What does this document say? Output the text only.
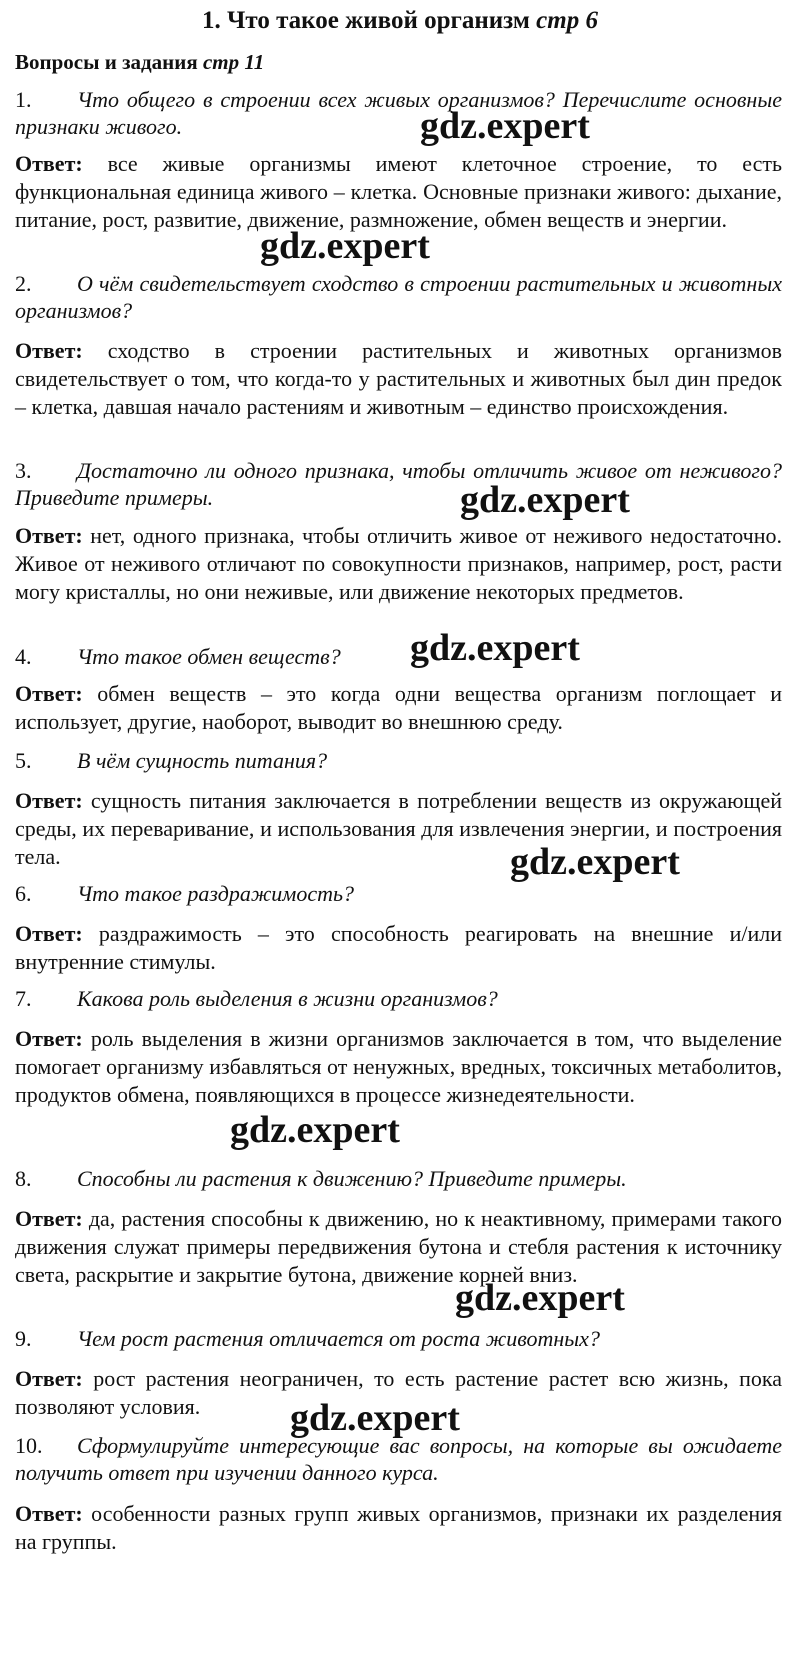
1. Что такое живой организм стр 6
Вопросы и задания стр 11
1. Что общего в строении всех живых организмов? Перечислите основные признаки живого.
Ответ: все живые организмы имеют клеточное строение, то есть функциональная единица живого – клетка. Основные признаки живого: дыхание, питание, рост, развитие, движение, размножение, обмен веществ и энергии.
2. О чём свидетельствует сходство в строении растительных и животных организмов?
Ответ: сходство в строении растительных и животных организмов свидетельствует о том, что когда-то у растительных и животных был дин предок – клетка, давшая начало растениям и животным – единство происхождения.
3. Достаточно ли одного признака, чтобы отличить живое от неживого? Приведите примеры.
Ответ: нет, одного признака, чтобы отличить живое от неживого недостаточно. Живое от неживого отличают по совокупности признаков, например, рост, расти могу кристаллы, но они неживые, или движение некоторых предметов.
4. Что такое обмен веществ?
Ответ: обмен веществ – это когда одни вещества организм поглощает и использует, другие, наоборот, выводит во внешнюю среду.
5. В чём сущность питания?
Ответ: сущность питания заключается в потреблении веществ из окружающей среды, их переваривание, и использования для извлечения энергии, и построения тела.
6. Что такое раздражимость?
Ответ: раздражимость – это способность реагировать на внешние и/или внутренние стимулы.
7. Какова роль выделения в жизни организмов?
Ответ: роль выделения в жизни организмов заключается в том, что выделение помогает организму избавляться от ненужных, вредных, токсичных метаболитов, продуктов обмена, появляющихся в процессе жизнедеятельности.
8. Способны ли растения к движению? Приведите примеры.
Ответ: да, растения способны к движению, но к неактивному, примерами такого движения служат примеры передвижения бутона и стебля растения к источнику света, раскрытие и закрытие бутона, движение корней вниз.
9. Чем рост растения отличается от роста животных?
Ответ: рост растения неограничен, то есть растение растет всю жизнь, пока позволяют условия.
10. Сформулируйте интересующие вас вопросы, на которые вы ожидаете получить ответ при изучении данного курса.
Ответ: особенности разных групп живых организмов, признаки их разделения на группы.
gdz.expert
gdz.expert
gdz.expert
gdz.expert
gdz.expert
gdz.expert
gdz.expert
gdz.expert
